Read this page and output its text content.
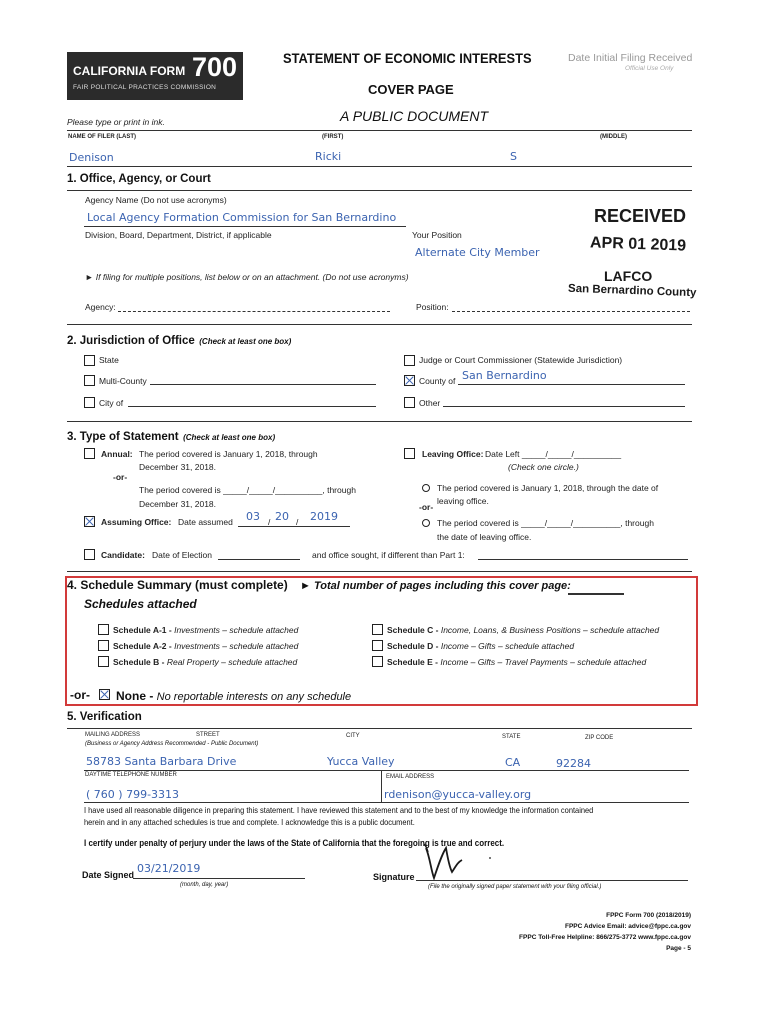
CALIFORNIA FORM 700
FAIR POLITICAL PRACTICES COMMISSION
STATEMENT OF ECONOMIC INTERESTS
COVER PAGE
A PUBLIC DOCUMENT
Date Initial Filing Received
Official Use Only
Please type or print in ink.
NAME OF FILER (LAST)	(FIRST)	(MIDDLE)
Denison	Ricki	S
1. Office, Agency, or Court
Agency Name (Do not use acronyms)
Local Agency Formation Commission for San Bernardino
Division, Board, Department, District, if applicable	Your Position
Alternate City Member
RECEIVED
APR 01 2019
LAFCO
San Bernardino County
► If filing for multiple positions, list below or on an attachment. (Do not use acronyms)
Agency:	Position:
2. Jurisdiction of Office (Check at least one box)
State	Judge or Court Commissioner (Statewide Jurisdiction)
Multi-County	County of San Bernardino
City of	Other
3. Type of Statement (Check at least one box)
Annual: The period covered is January 1, 2018, through
December 31, 2018.
-or-
The period covered is _____/_____/__________, through
December 31, 2018.
Assuming Office: Date assumed 03 / 20 / 2019
Leaving Office: Date Left _____/_____/__________
(Check one circle.)
The period covered is January 1, 2018, through the date of
leaving office.
-or-
The period covered is _____/_____/__________, through
the date of leaving office.
Candidate: Date of Election	and office sought, if different than Part 1:
4. Schedule Summary (must complete) ► Total number of pages including this cover page:
Schedules attached
Schedule A-1 - Investments – schedule attached
Schedule A-2 - Investments – schedule attached
Schedule B - Real Property – schedule attached
Schedule C - Income, Loans, & Business Positions – schedule attached
Schedule D - Income – Gifts – schedule attached
Schedule E - Income – Gifts – Travel Payments – schedule attached
-or- None - No reportable interests on any schedule
5. Verification
MAILING ADDRESS	STREET	CITY	STATE	ZIP CODE
(Business or Agency Address Recommended - Public Document)
58783 Santa Barbara Drive	Yucca Valley	CA	92284
DAYTIME TELEPHONE NUMBER	EMAIL ADDRESS
( 760 ) 799-3313	rdenison@yucca-valley.org
I have used all reasonable diligence in preparing this statement. I have reviewed this statement and to the best of my knowledge the information contained
herein and in any attached schedules is true and complete. I acknowledge this is a public document.
I certify under penalty of perjury under the laws of the State of California that the foregoing is true and correct.
Date Signed 03/21/2019
(month, day, year)
Signature
(File the originally signed paper statement with your filing official.)
FPPC Form 700 (2018/2019)
FPPC Advice Email: advice@fppc.ca.gov
FPPC Toll-Free Helpline: 866/275-3772 www.fppc.ca.gov
Page - 5
